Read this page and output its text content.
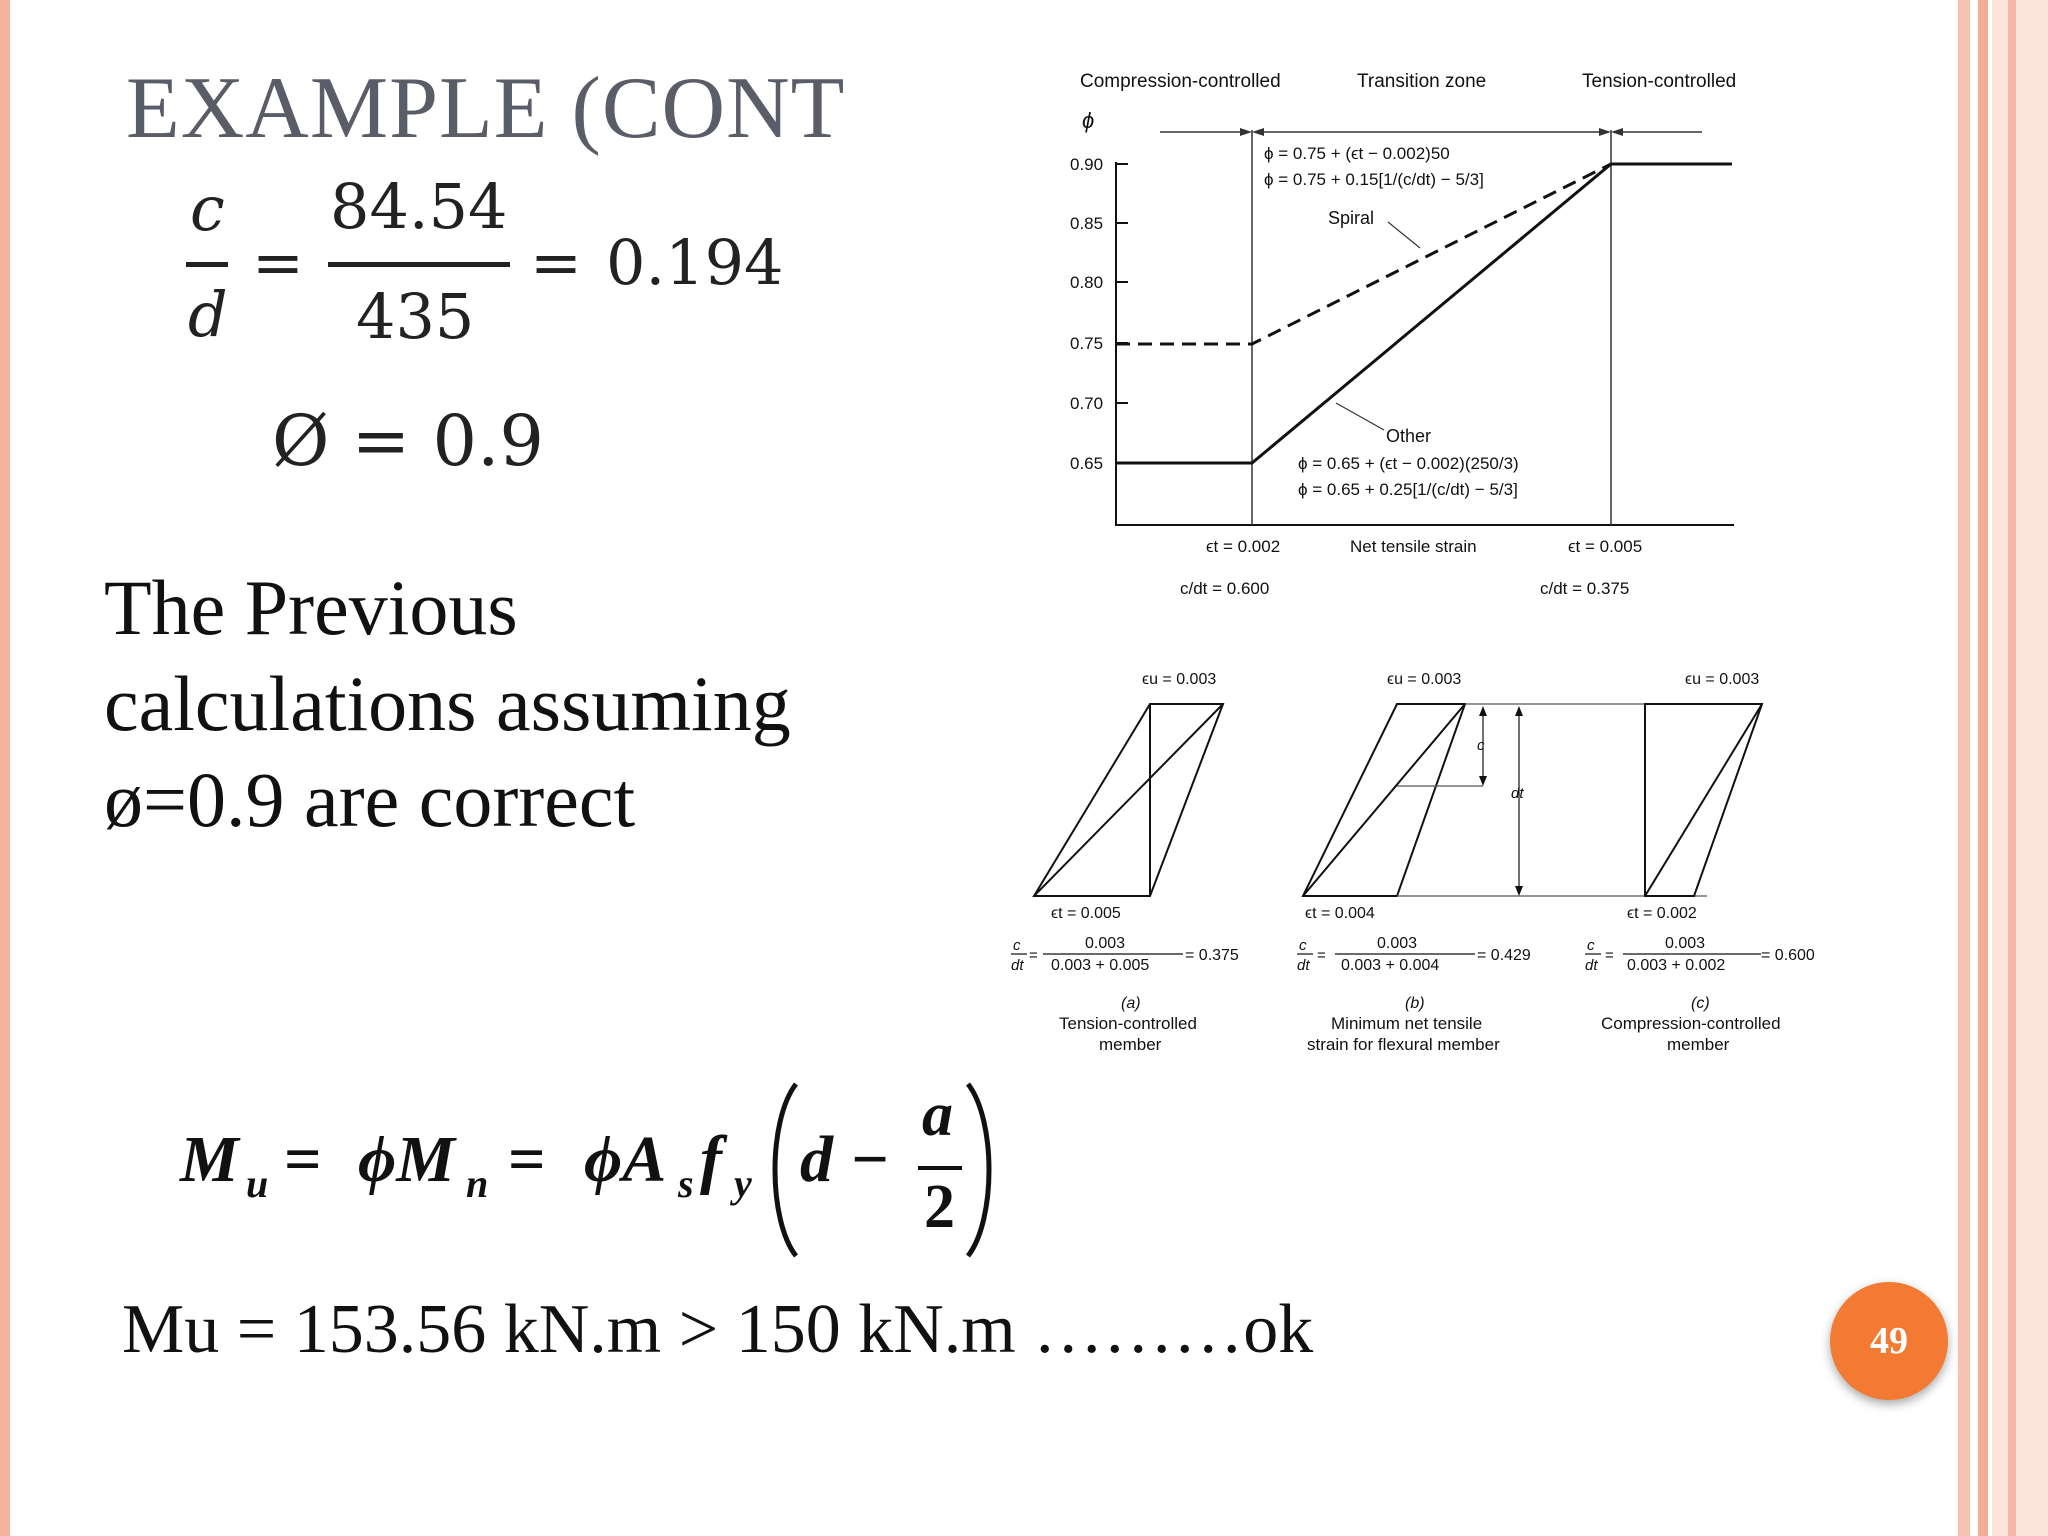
EXAMPLE (CONT
c
d
=
84.54
435
= 0.194
Ø = 0.9
The Previous
calculations assuming
ø=0.9 are correct
Compression-controlled	Transition zone	Tension-controlled
ϕ
0.90
0.85
0.80
0.75
0.70
0.65
ϕ = 0.75 + (ϵt − 0.002)50
ϕ = 0.75 + 0.15[1/(c/dt) − 5/3]
Spiral
Other
ϕ = 0.65 + (ϵt − 0.002)(250/3)
ϕ = 0.65 + 0.25[1/(c/dt) − 5/3]
ϵt = 0.002	Net tensile strain	ϵt = 0.005
c/dt = 0.600	c/dt = 0.375
ϵu = 0.003
ϵt = 0.005
c
dt
=
0.003
0.003 + 0.005
= 0.375
(a)
Tension-controlled
member
ϵu = 0.003
c
dt
ϵt = 0.004
c
dt
=
0.003
0.003 + 0.004
= 0.429
(b)
Minimum net tensile
strain for flexural member
ϵu = 0.003
ϵt = 0.002
c
dt
=
0.003
0.003 + 0.002
= 0.600
(c)
Compression-controlled
member
M u = ϕM n = ϕA s f y d −
a
2
Mu = 153.56 kN.m > 150 kN.m ………ok	49
